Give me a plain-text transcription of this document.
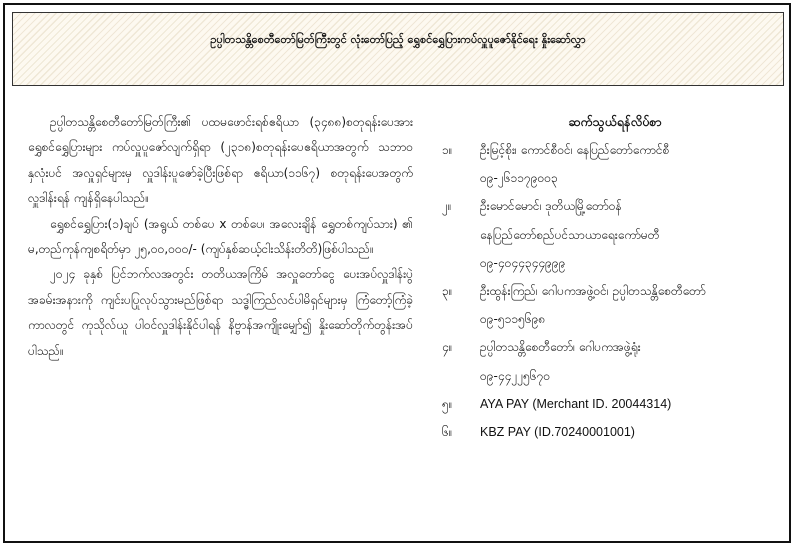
ဥပ္ပါတသန္တိစေတီတော်မြတ်ကြီးတွင် လုံးတော်ပြည့် ရွှေစင်ရွှေပြားကပ်လှူပူဇော်နိုင်ရေး နှိုးဆော်လွှာ

ဥပ္ပါတသန္တိစေတီတော်မြတ်ကြီး၏ ပထမဖောင်းရစ်ဧရိယာ (၃၄၈၈)စတုရန်းပေအား ရွှေစင်ရွှေပြားများ ကပ်လှူပူဇော်လျက်ရှိရာ (၂၃၁၈)စတုရန်းပေဧရိယာအတွက် သဘာဝနှလုံးပင် အလှူရှင်များမှ လှူဒါန်းပူဇော်ခဲ့ပြီးဖြစ်ရာ ဧရိယာ(၁၁၆၇) စတုရန်းပေအတွက် လှူဒါန်းရန် ကျန်ရှိနေပါသည်။

ရွှေစင်ရွှေပြား(၁)ချပ် (အရွယ် တစ်ပေ x တစ်ပေ၊ အလေးချိန် ရွှေတစ်ကျပ်သား) ၏ မ,တည်ကုန်ကျစရိတ်မှာ ၂၅,၀၀,၀၀၀/- (ကျပ်နှစ်ဆယ့်ငါးသိန်းတိတိ)ဖြစ်ပါသည်။

၂၀၂၄ ခုနှစ် ပြင်ဘက်လအတွင်း တတိယအကြိမ် အလှူတော်ငွေ ပေးအပ်လှူဒါန်းပွဲအခမ်းအနားကို ကျင်းပပြုလုပ်သွားမည်ဖြစ်ရာ သဒ္ဓါကြည်လင်ပါမိရှင်များမှ ကြံတော့်ကြံခဲ့ကာလတွင် ကုသိုလ်ယူ ပါဝင်လှူဒါန်းနိုင်ပါရန် နိဗ္ဗာန်အကျိုးမျှော်၍ နှိုးဆော်တိုက်တွန်းအပ်ပါသည်။

ဆက်သွယ်ရန်လိပ်စာ
၁။ ဦးမြင့်စိုး၊ ကောင်စီဝင်၊ နေပြည်တော်ကောင်စီ
၀၉-၂၆၁၁၇၉၀၀၃
၂။ ဦးမောင်မောင်၊ ဒုတိယမြို့တော်ဝန်
နေပြည်တော်စည်ပင်သာယာရေးကော်မတီ
၀၉-၄၀၄၄၃၄၄၉၉၉
၃။ ဦးထွန်းကြည်၊ ဂေါပကအဖွဲ့ဝင်၊ ဥပ္ပါတသန္တိစေတီတော်
၀၉-၅၁၁၅၆၉၈
၄။ ဥပ္ပါတသန္တိစေတီတော်၊ ဂေါပကအဖွဲ့ရုံး
၀၉-၄၄၂၂၅၆၇၀
၅။ AYA PAY (Merchant ID. 20044314)
၆။ KBZ PAY (ID.70240001001)
